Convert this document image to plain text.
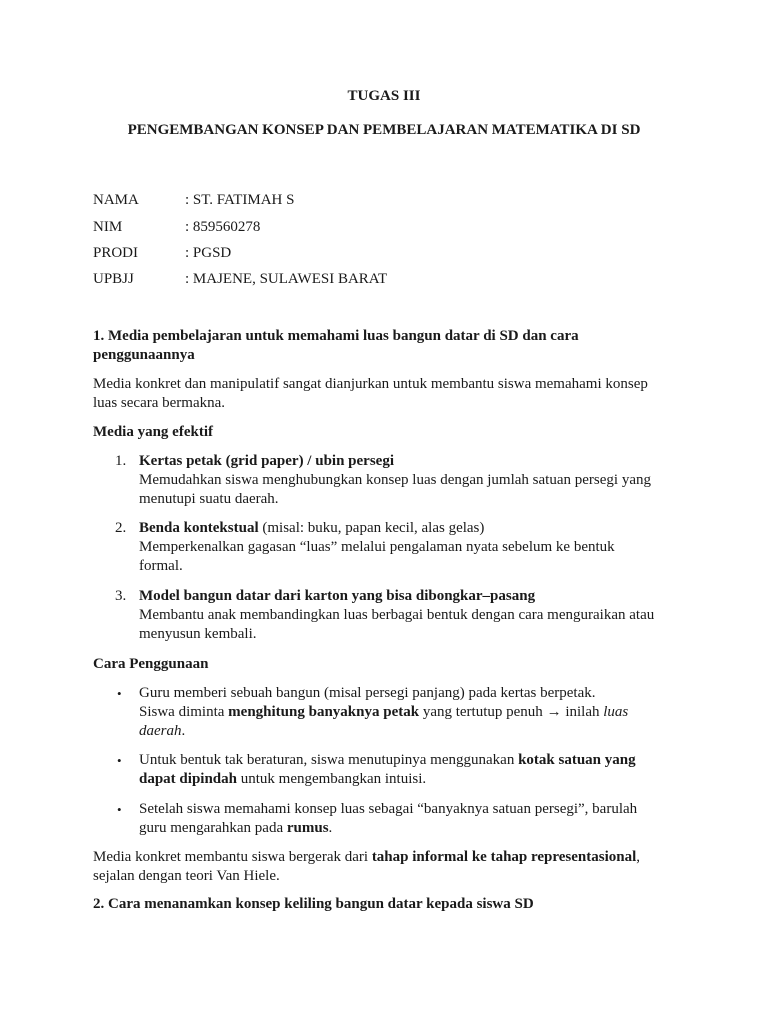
TUGAS III
PENGEMBANGAN KONSEP DAN PEMBELAJARAN MATEMATIKA DI SD
NAMA	: ST. FATIMAH S
NIM	: 859560278
PRODI	: PGSD
UPBJJ	: MAJENE, SULAWESI BARAT
1. Media pembelajaran untuk memahami luas bangun datar di SD dan cara
penggunaannya
Media konkret dan manipulatif sangat dianjurkan untuk membantu siswa memahami konsep
luas secara bermakna.
Media yang efektif
1. Kertas petak (grid paper) / ubin persegi
Memudahkan siswa menghubungkan konsep luas dengan jumlah satuan persegi yang
menutupi suatu daerah.
2. Benda kontekstual (misal: buku, papan kecil, alas gelas)
Memperkenalkan gagasan “luas” melalui pengalaman nyata sebelum ke bentuk
formal.
3. Model bangun datar dari karton yang bisa dibongkar–pasang
Membantu anak membandingkan luas berbagai bentuk dengan cara menguraikan atau
menyusun kembali.
Cara Penggunaan
• Guru memberi sebuah bangun (misal persegi panjang) pada kertas berpetak.
Siswa diminta menghitung banyaknya petak yang tertutup penuh → inilah luas
daerah.
• Untuk bentuk tak beraturan, siswa menutupinya menggunakan kotak satuan yang
dapat dipindah untuk mengembangkan intuisi.
• Setelah siswa memahami konsep luas sebagai “banyaknya satuan persegi”, barulah
guru mengarahkan pada rumus.
Media konkret membantu siswa bergerak dari tahap informal ke tahap representasional,
sejalan dengan teori Van Hiele.
2. Cara menanamkan konsep keliling bangun datar kepada siswa SD
